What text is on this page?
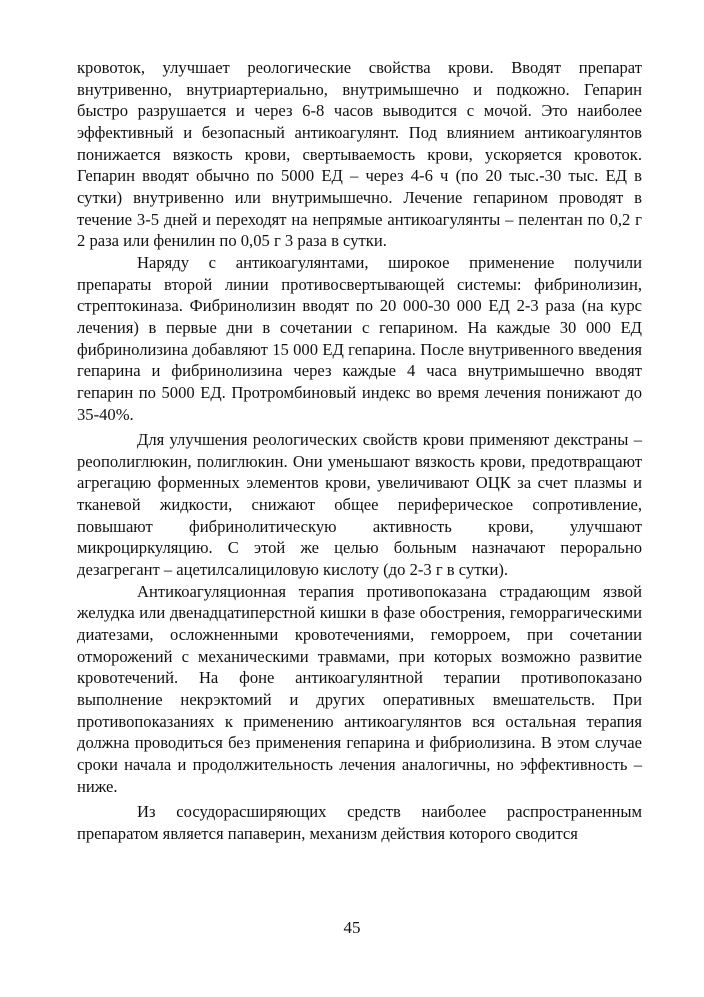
кровоток, улучшает реологические свойства крови. Вводят препарат внутривенно, внутриартериально, внутримышечно и подкожно. Гепарин быстро разрушается и через 6-8 часов выводится с мочой. Это наиболее эффективный и безопасный антикоагулянт. Под влиянием антикоагулянтов понижается вязкость крови, свертываемость крови, ускоряется кровоток. Гепарин вводят обычно по 5000 ЕД – через 4-6 ч (по 20 тыс.-30 тыс. ЕД в сутки) внутривенно или внутримышечно. Лечение гепарином проводят в течение 3-5 дней и переходят на непрямые антикоагулянты – пелентан по 0,2 г 2 раза или фенилин по 0,05 г 3 раза в сутки.

Наряду с антикоагулянтами, широкое применение получили препараты второй линии противосвертывающей системы: фибринолизин, стрептокиназа. Фибринолизин вводят по 20 000-30 000 ЕД 2-3 раза (на курс лечения) в первые дни в сочетании с гепарином. На каждые 30 000 ЕД фибринолизина добавляют 15 000 ЕД гепарина. После внутривенного введения гепарина и фибринолизина через каждые 4 часа внутримышечно вводят гепарин по 5000 ЕД. Протромбиновый индекс во время лечения понижают до 35-40%.

Для улучшения реологических свойств крови применяют декстраны – реополиглюкин, полиглюкин. Они уменьшают вязкость крови, предотвращают агрегацию форменных элементов крови, увеличивают ОЦК за счет плазмы и тканевой жидкости, снижают общее периферическое сопротивление, повышают фибринолитическую активность крови, улучшают микроциркуляцию. С этой же целью больным назначают перорально дезагрегант – ацетилсалициловую кислоту (до 2-3 г в сутки).

Антикоагуляционная терапия противопоказана страдающим язвой желудка или двенадцатиперстной кишки в фазе обострения, геморрагическими диатезами, осложненными кровотечениями, геморроем, при сочетании отморожений с механическими травмами, при которых возможно развитие кровотечений. На фоне антикоагулянтной терапии противопоказано выполнение некрэктомий и других оперативных вмешательств. При противопоказаниях к применению антикоагулянтов вся остальная терапия должна проводиться без применения гепарина и фибриолизина. В этом случае сроки начала и продолжительность лечения аналогичны, но эффективность – ниже.

Из сосудорасширяющих средств наиболее распространенным препаратом является папаверин, механизм действия которого сводится

45
